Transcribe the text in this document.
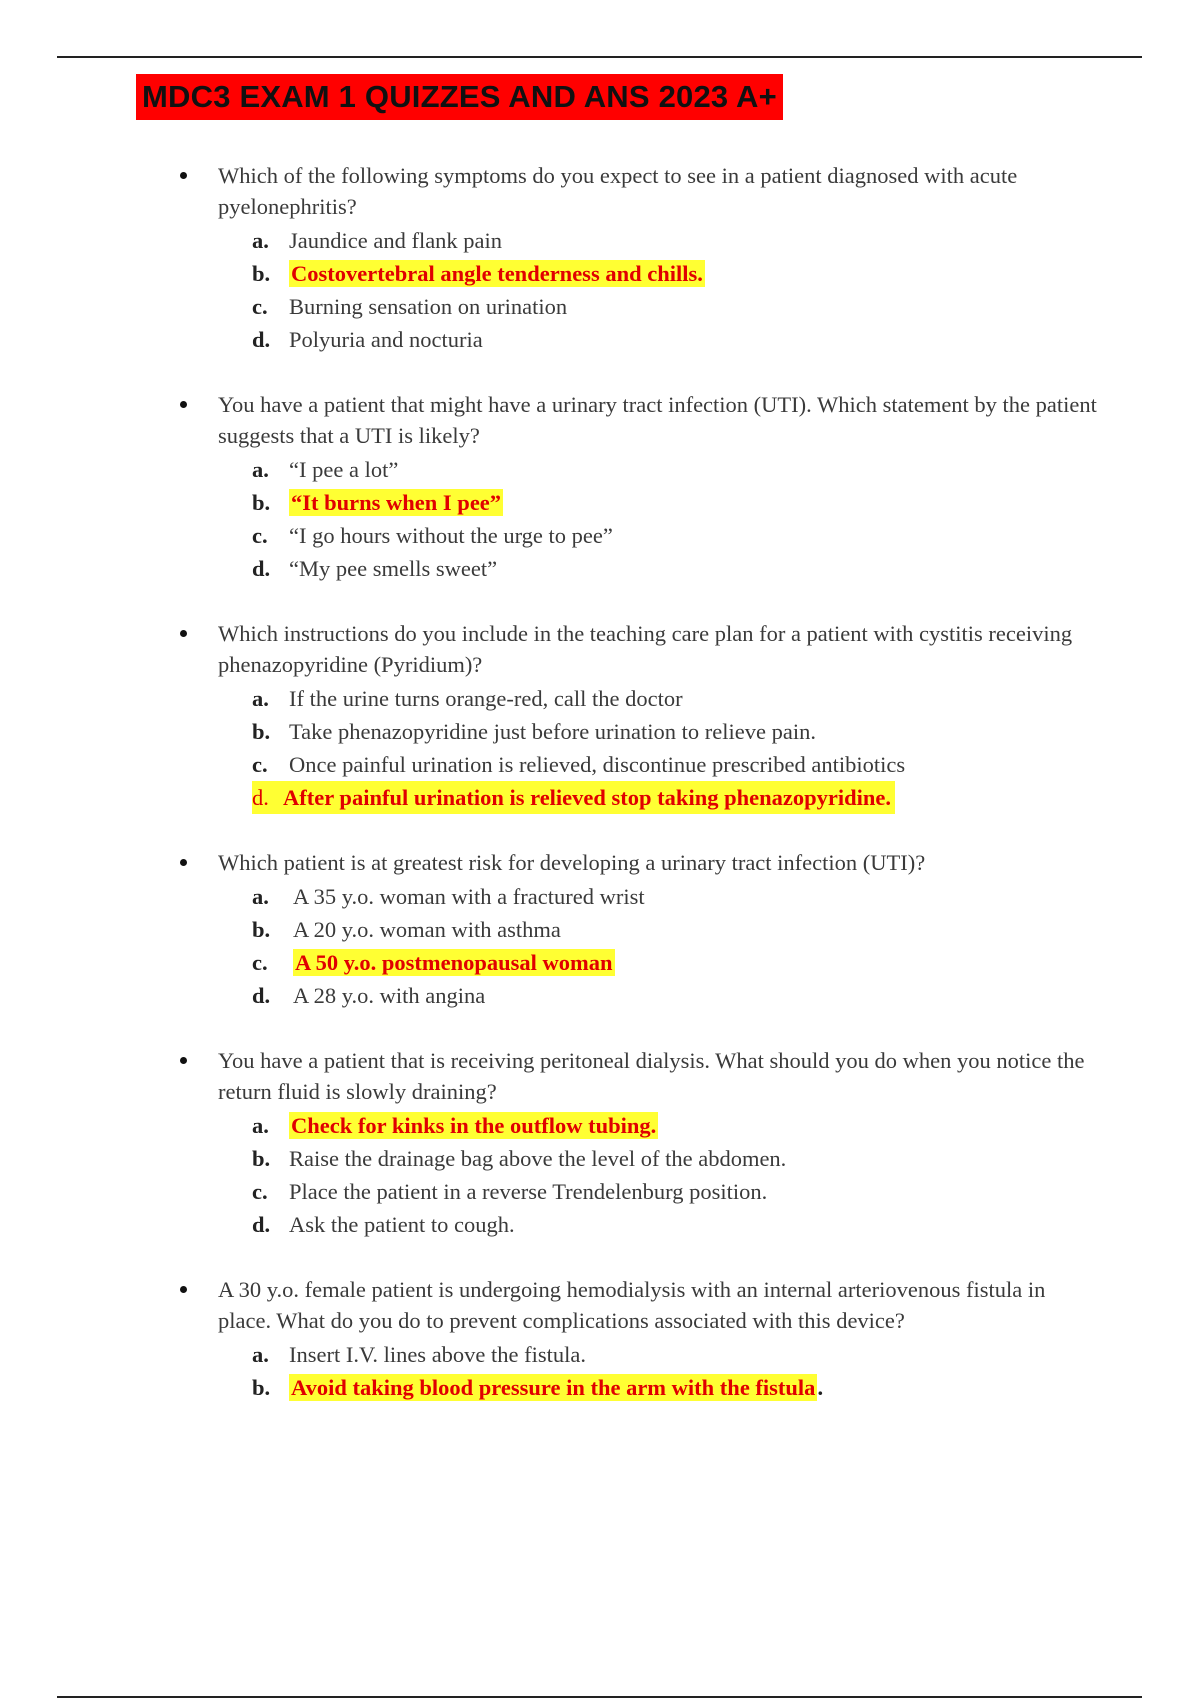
MDC3 EXAM 1 QUIZZES AND ANS 2023 A+
Which of the following symptoms do you expect to see in a patient diagnosed with acute pyelonephritis?
a. Jaundice and flank pain
b. Costovertebral angle tenderness and chills.
c. Burning sensation on urination
d. Polyuria and nocturia
You have a patient that might have a urinary tract infection (UTI). Which statement by the patient suggests that a UTI is likely?
a. “I pee a lot”
b. “It burns when I pee”
c. “I go hours without the urge to pee”
d. “My pee smells sweet”
Which instructions do you include in the teaching care plan for a patient with cystitis receiving phenazopyridine (Pyridium)?
a. If the urine turns orange-red, call the doctor
b. Take phenazopyridine just before urination to relieve pain.
c. Once painful urination is relieved, discontinue prescribed antibiotics
d. After painful urination is relieved stop taking phenazopyridine.
Which patient is at greatest risk for developing a urinary tract infection (UTI)?
a. A 35 y.o. woman with a fractured wrist
b. A 20 y.o. woman with asthma
c. A 50 y.o. postmenopausal woman
d. A 28 y.o. with angina
You have a patient that is receiving peritoneal dialysis. What should you do when you notice the return fluid is slowly draining?
a. Check for kinks in the outflow tubing.
b. Raise the drainage bag above the level of the abdomen.
c. Place the patient in a reverse Trendelenburg position.
d. Ask the patient to cough.
A 30 y.o. female patient is undergoing hemodialysis with an internal arteriovenous fistula in place. What do you do to prevent complications associated with this device?
a. Insert I.V. lines above the fistula.
b. Avoid taking blood pressure in the arm with the fistula.
